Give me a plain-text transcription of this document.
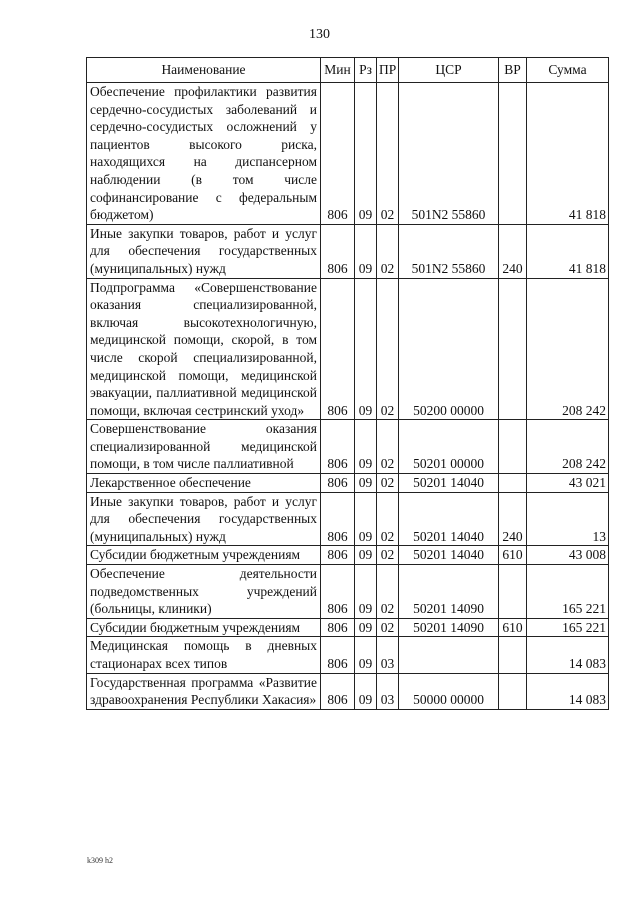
130
Наименование	Мин	Рз	ПР	ЦСР	ВР	Сумма
Обеспечение профилактики развития сердечно-сосудистых заболеваний и сердечно-сосудистых осложнений у пациентов высокого риска, находящихся на диспансерном наблюдении (в том числе софинансирование с федеральным бюджетом)	806	09	02	501N2 55860		41 818
Иные закупки товаров, работ и услуг для обеспечения государственных (муниципальных) нужд	806	09	02	501N2 55860	240	41 818
Подпрограмма «Совершенствование оказания специализированной, включая высокотехнологичную, медицинской помощи, скорой, в том числе скорой специализированной, медицинской помощи, медицинской эвакуации, паллиативной медицинской помощи, включая сестринский уход»	806	09	02	50200 00000		208 242
Совершенствование оказания специализированной медицинской помощи, в том числе паллиативной	806	09	02	50201 00000		208 242
Лекарственное обеспечение	806	09	02	50201 14040		43 021
Иные закупки товаров, работ и услуг для обеспечения государственных (муниципальных) нужд	806	09	02	50201 14040	240	13
Субсидии бюджетным учреждениям	806	09	02	50201 14040	610	43 008
Обеспечение деятельности подведомственных учреждений (больницы, клиники)	806	09	02	50201 14090		165 221
Субсидии бюджетным учреждениям	806	09	02	50201 14090	610	165 221
Медицинская помощь в дневных стационарах всех типов	806	09	03			14 083
Государственная программа «Развитие здравоохранения Республики Хакасия»	806	09	03	50000 00000		14 083
k309 h2
